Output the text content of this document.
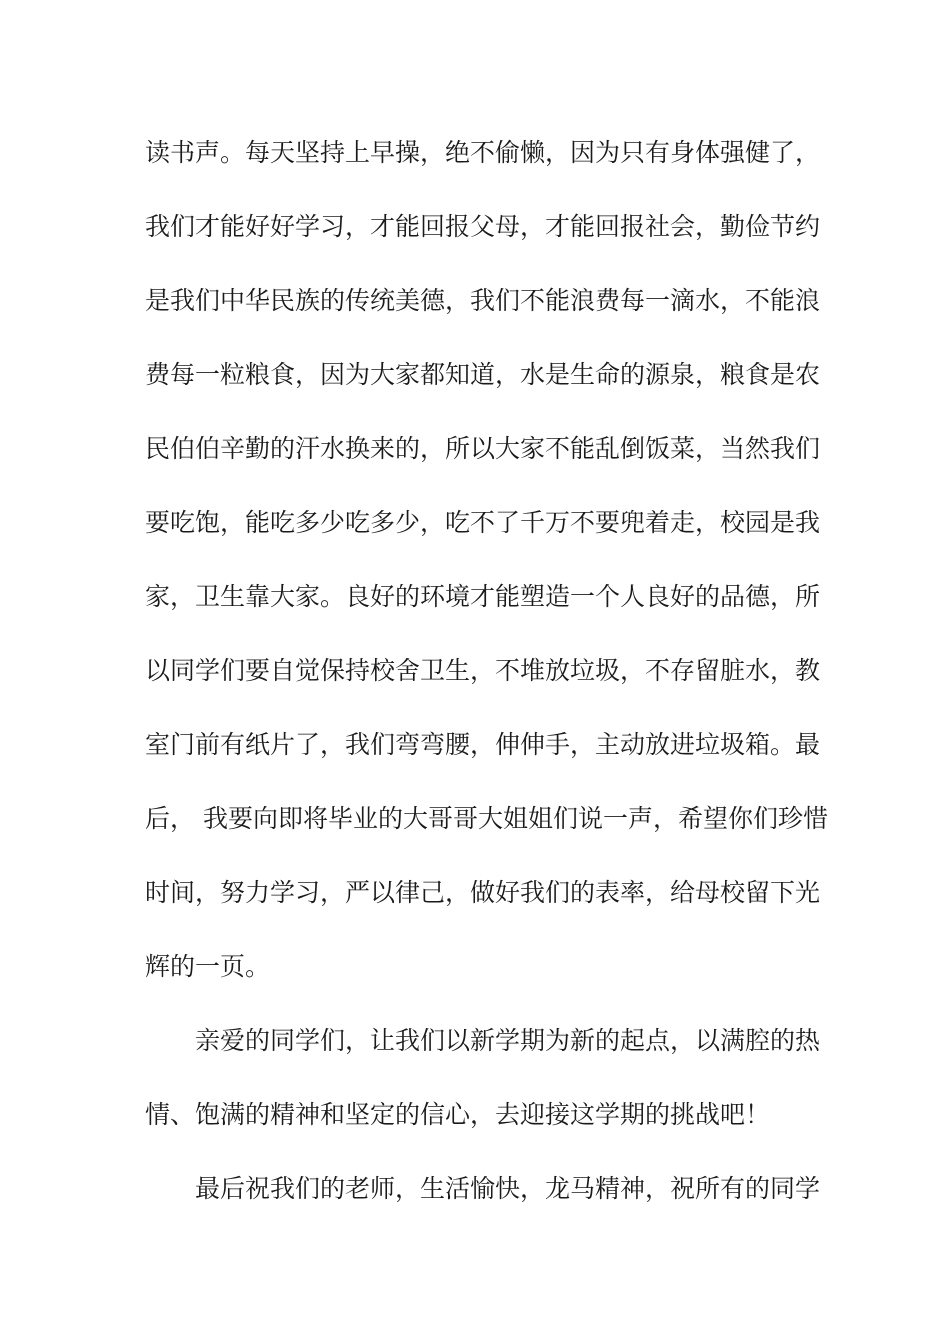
读书声。每天坚持上早操，绝不偷懒，因为只有身体强健了，
我们才能好好学习，才能回报父母，才能回报社会，勤俭节约
是我们中华民族的传统美德，我们不能浪费每一滴水，不能浪
费每一粒粮食，因为大家都知道，水是生命的源泉，粮食是农
民伯伯辛勤的汗水换来的，所以大家不能乱倒饭菜，当然我们
要吃饱，能吃多少吃多少，吃不了千万不要兜着走，校园是我
家，卫生靠大家。良好的环境才能塑造一个人良好的品德，所
以同学们要自觉保持校舍卫生，不堆放垃圾，不存留脏水，教
室门前有纸片了，我们弯弯腰，伸伸手，主动放进垃圾箱。最
后， 我要向即将毕业的大哥哥大姐姐们说一声，希望你们珍惜
时间，努力学习，严以律己，做好我们的表率，给母校留下光
辉的一页。
亲爱的同学们，让我们以新学期为新的起点，以满腔的热
情、饱满的精神和坚定的信心，去迎接这学期的挑战吧！
最后祝我们的老师，生活愉快，龙马精神，祝所有的同学
